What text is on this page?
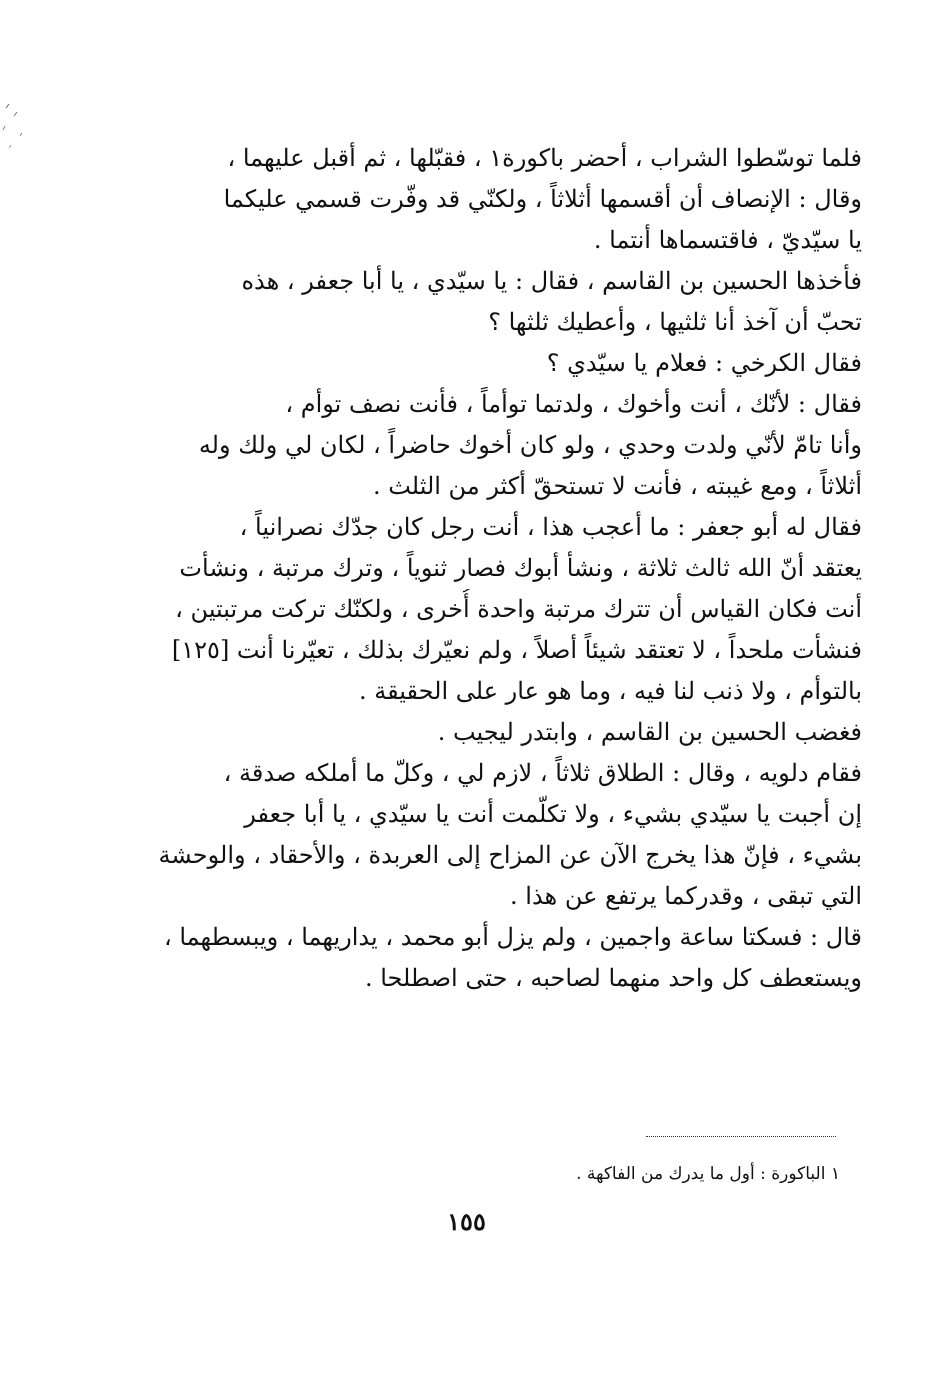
فلما توسّطوا الشراب ، أحضر باكورة١ ، فقبّلها ، ثم أقبل عليهما ،
وقال : الإنصاف أن أقسمها أثلاثاً ، ولكنّي قد وفّرت قسمي عليكما
يا سيّديّ ، فاقتسماها أنتما .
فأخذها الحسين بن القاسم ، فقال : يا سيّدي ، يا أبا جعفر ، هذه
تحبّ أن آخذ أنا ثلثيها ، وأعطيك ثلثها ؟
فقال الكرخي : فعلام يا سيّدي ؟
فقال : لأنّك ، أنت وأخوك ، ولدتما توأماً ، فأنت نصف توأم ،
وأنا تامّ لأنّي ولدت وحدي ، ولو كان أخوك حاضراً ، لكان لي ولك وله
أثلاثاً ، ومع غيبته ، فأنت لا تستحقّ أكثر من الثلث .
فقال له أبو جعفر : ما أعجب هذا ، أنت رجل كان جدّك نصرانياً ،
يعتقد أنّ الله ثالث ثلاثة ، ونشأ أبوك فصار ثنوياً ، وترك مرتبة ، ونشأت
أنت فكان القياس أن تترك مرتبة واحدة أُخرى ، ولكنّك تركت مرتبتين ،
فنشأت ملحداً ، لا تعتقد شيئاً أصلاً ، ولم نعيّرك بذلك ، تعيّرنا أنت [١٢٥]
بالتوأم ، ولا ذنب لنا فيه ، وما هو عار على الحقيقة .
فغضب الحسين بن القاسم ، وابتدر ليجيب .
فقام دلويه ، وقال : الطلاق ثلاثاً ، لازم لي ، وكلّ ما أملكه صدقة ،
إن أجبت يا سيّدي بشيء ، ولا تكلّمت أنت يا سيّدي ، يا أبا جعفر
بشيء ، فإنّ هذا يخرج الآن عن المزاح إلى العربدة ، والأحقاد ، والوحشة
التي تبقى ، وقدركما يرتفع عن هذا .
قال : فسكتا ساعة واجمين ، ولم يزل أبو محمد ، يداريهما ، ويبسطهما ،
ويستعطف كل واحد منهما لصاحبه ، حتى اصطلحا .
١ الباكورة : أول ما يدرك من الفاكهة .
١٥٥
